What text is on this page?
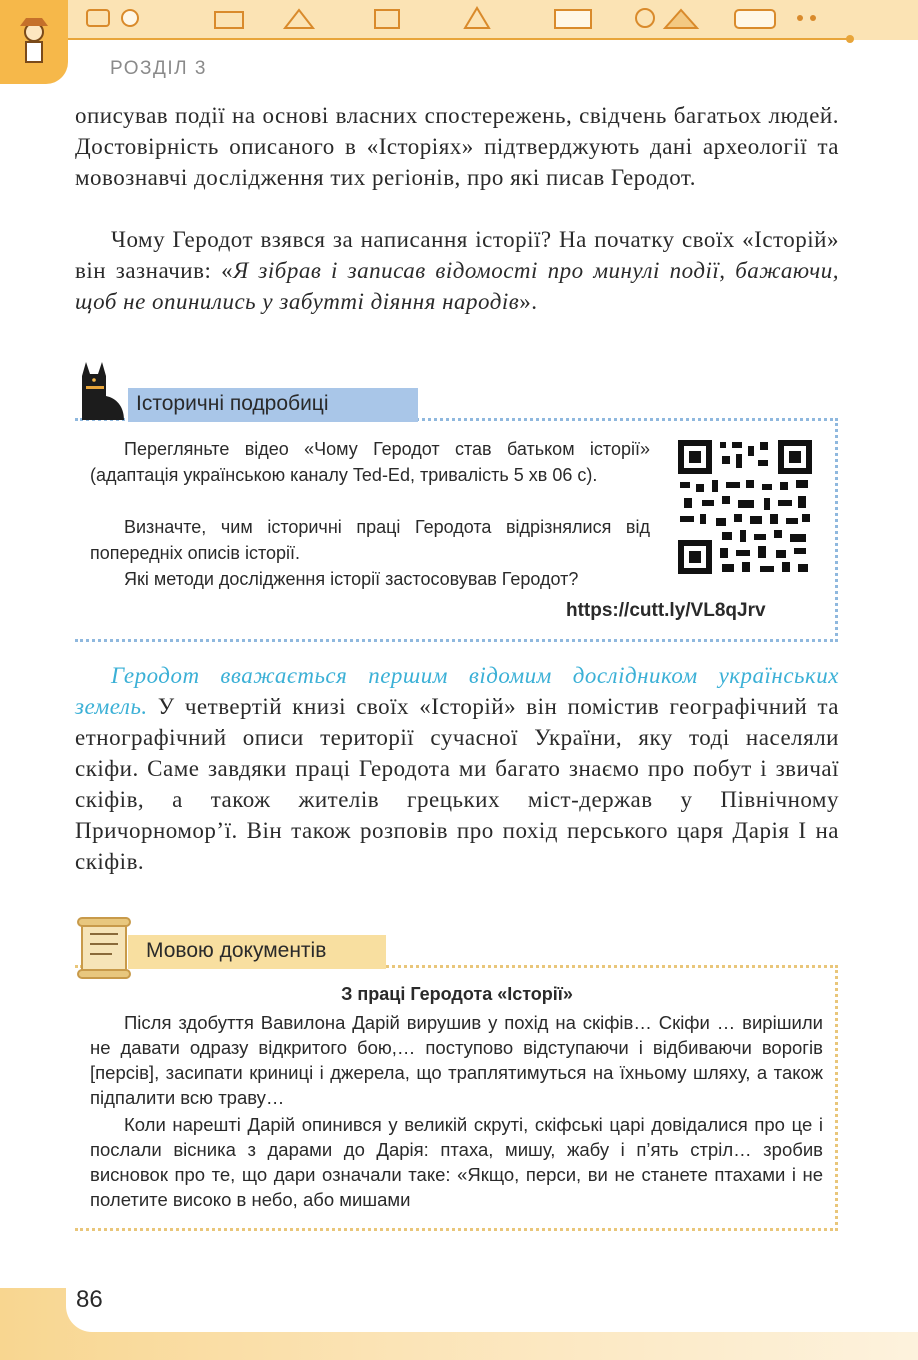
РОЗДІЛ 3
описував події на основі власних спостережень, свідчень багатьох людей. Достовірність описаного в «Історіях» підтверджують дані археології та мовознавчі дослідження тих регіонів, про які писав Геродот.
Чому Геродот взявся за написання історії? На початку своїх «Історій» він зазначив: «Я зібрав і записав відомості про минулі події, бажаючи, щоб не опинились у забутті діяння народів».
Історичні подробиці
Перегляньте відео «Чому Геродот став батьком історії» (адаптація українською каналу Ted-Ed, тривалість 5 хв 06 с).
Визначте, чим історичні праці Геродота відрізнялися від попередніх описів історії.
Які методи дослідження історії застосовував Геродот?
https://cutt.ly/VL8qJrv
Геродот вважається першим відомим дослідником українських земель. У четвертій книзі своїх «Історій» він помістив географічний та етнографічний описи території сучасної України, яку тоді населяли скіфи. Саме завдяки праці Геродота ми багато знаємо про побут і звичаї скіфів, а також жителів грецьких міст-держав у Північному Причорномор’ї. Він також розповів про похід перського царя Дарія І на скіфів.
Мовою документів
З праці Геродота «Історії»
Після здобуття Вавилона Дарій вирушив у похід на скіфів… Скіфи … вирішили не давати одразу відкритого бою,… поступово відступаючи і відбиваючи ворогів [персів], засипати криниці і джерела, що траплятимуться на їхньому шляху, а також підпалити всю траву…
Коли нарешті Дарій опинився у великій скруті, скіфські царі довідалися про це і послали вісника з дарами до Дарія: птаха, мишу, жабу і п’ять стріл… зробив висновок про те, що дари означали таке: «Якщо, перси, ви не станете птахами і не полетите високо в небо, або мишами
86
